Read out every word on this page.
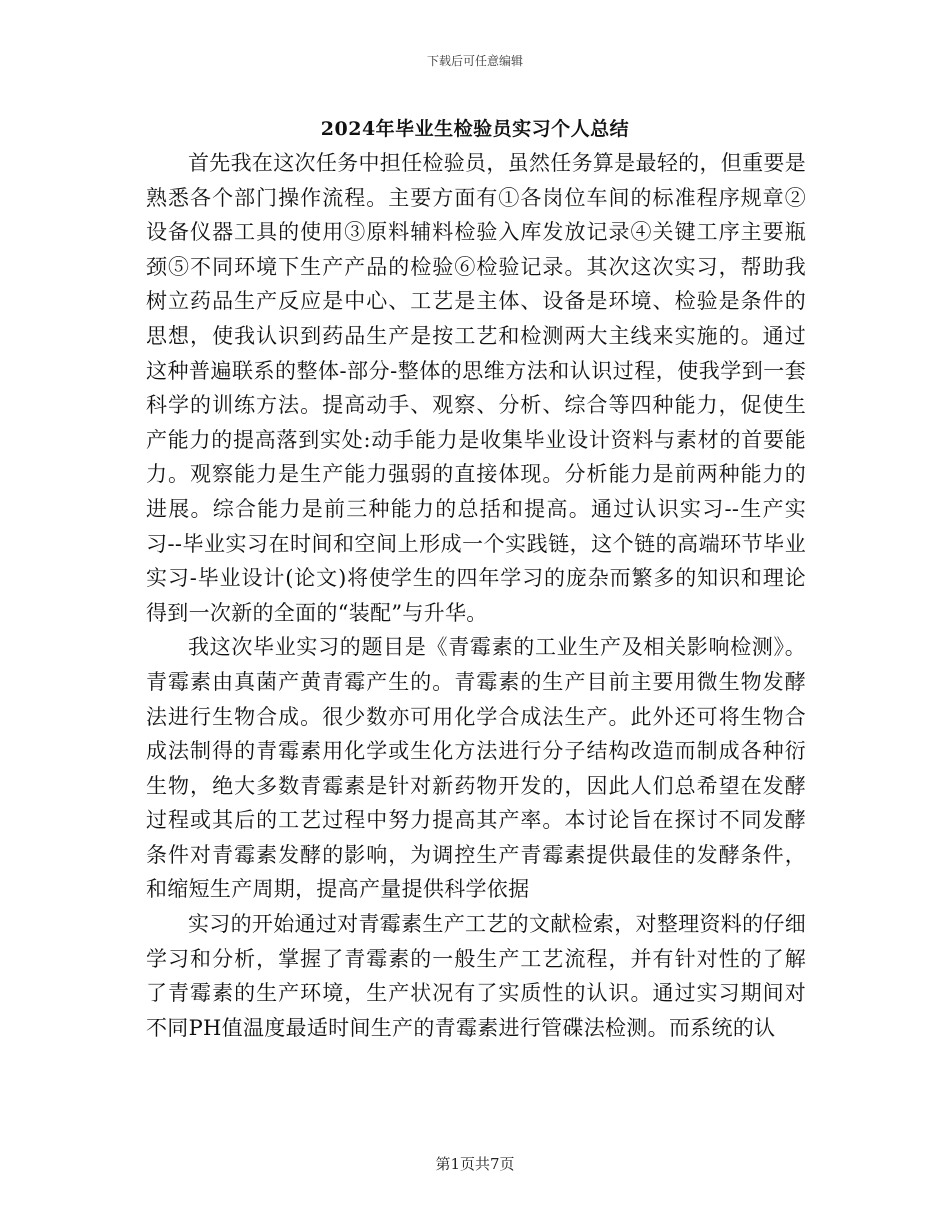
下载后可任意编辑
2024年毕业生检验员实习个人总结

首先我在这次任务中担任检验员，虽然任务算是最轻的，但重要是熟悉各个部门操作流程。主要方面有①各岗位车间的标准程序规章②设备仪器工具的使用③原料辅料检验入库发放记录④关键工序主要瓶颈⑤不同环境下生产产品的检验⑥检验记录。其次这次实习，帮助我树立药品生产反应是中心、工艺是主体、设备是环境、检验是条件的思想，使我认识到药品生产是按工艺和检测两大主线来实施的。通过这种普遍联系的整体-部分-整体的思维方法和认识过程，使我学到一套科学的训练方法。提高动手、观察、分析、综合等四种能力，促使生产能力的提高落到实处:动手能力是收集毕业设计资料与素材的首要能力。观察能力是生产能力强弱的直接体现。分析能力是前两种能力的进展。综合能力是前三种能力的总括和提高。通过认识实习--生产实习--毕业实习在时间和空间上形成一个实践链，这个链的高端环节毕业实习-毕业设计(论文)将使学生的四年学习的庞杂而繁多的知识和理论得到一次新的全面的“装配”与升华。

我这次毕业实习的题目是《青霉素的工业生产及相关影响检测》。青霉素由真菌产黄青霉产生的。青霉素的生产目前主要用微生物发酵法进行生物合成。很少数亦可用化学合成法生产。此外还可将生物合成法制得的青霉素用化学或生化方法进行分子结构改造而制成各种衍生物，绝大多数青霉素是针对新药物开发的，因此人们总希望在发酵过程或其后的工艺过程中努力提高其产率。本讨论旨在探讨不同发酵条件对青霉素发酵的影响，为调控生产青霉素提供最佳的发酵条件，和缩短生产周期，提高产量提供科学依据

实习的开始通过对青霉素生产工艺的文献检索，对整理资料的仔细学习和分析，掌握了青霉素的一般生产工艺流程，并有针对性的了解了青霉素的生产环境，生产状况有了实质性的认识。通过实习期间对不同PH值温度最适时间生产的青霉素进行管碟法检测。而系统的认

第1页共7页
